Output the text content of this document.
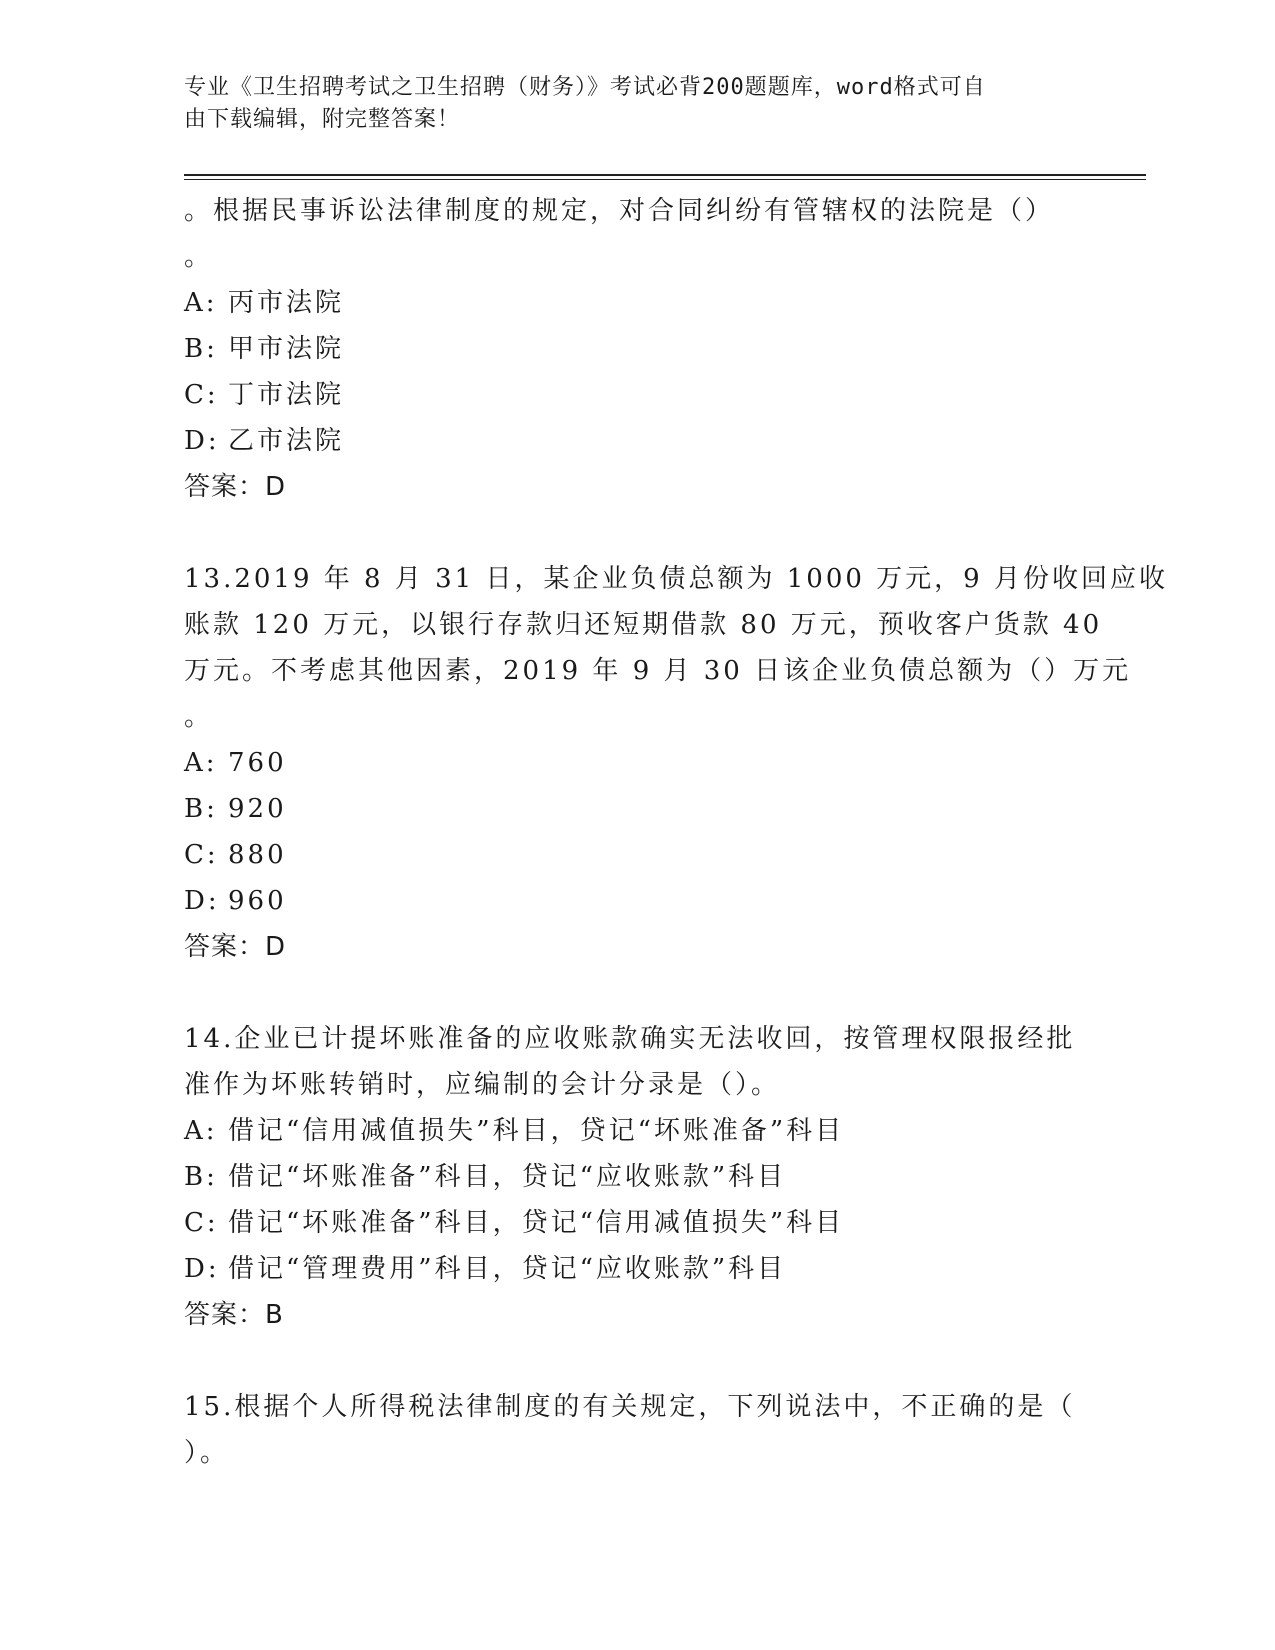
专业《卫生招聘考试之卫生招聘（财务）》考试必背200题题库，word格式可自
由下载编辑，附完整答案！
。根据民事诉讼法律制度的规定，对合同纠纷有管辖权的法院是（）
。
A: 丙市法院
B: 甲市法院
C: 丁市法院
D: 乙市法院
答案：D
13.2019 年 8 月 31 日，某企业负债总额为 1000 万元，9 月份收回应收
账款 120 万元，以银行存款归还短期借款 80 万元，预收客户货款 40
万元。不考虑其他因素，2019 年 9 月 30 日该企业负债总额为（）万元
。
A: 760
B: 920
C: 880
D: 960
答案：D
14.企业已计提坏账准备的应收账款确实无法收回，按管理权限报经批
准作为坏账转销时，应编制的会计分录是（）。
A: 借记“信用减值损失”科目，贷记“坏账准备”科目
B: 借记“坏账准备”科目，贷记“应收账款”科目
C: 借记“坏账准备”科目，贷记“信用减值损失”科目
D: 借记“管理费用”科目，贷记“应收账款”科目
答案：B
15.根据个人所得税法律制度的有关规定，下列说法中，不正确的是（
）。
